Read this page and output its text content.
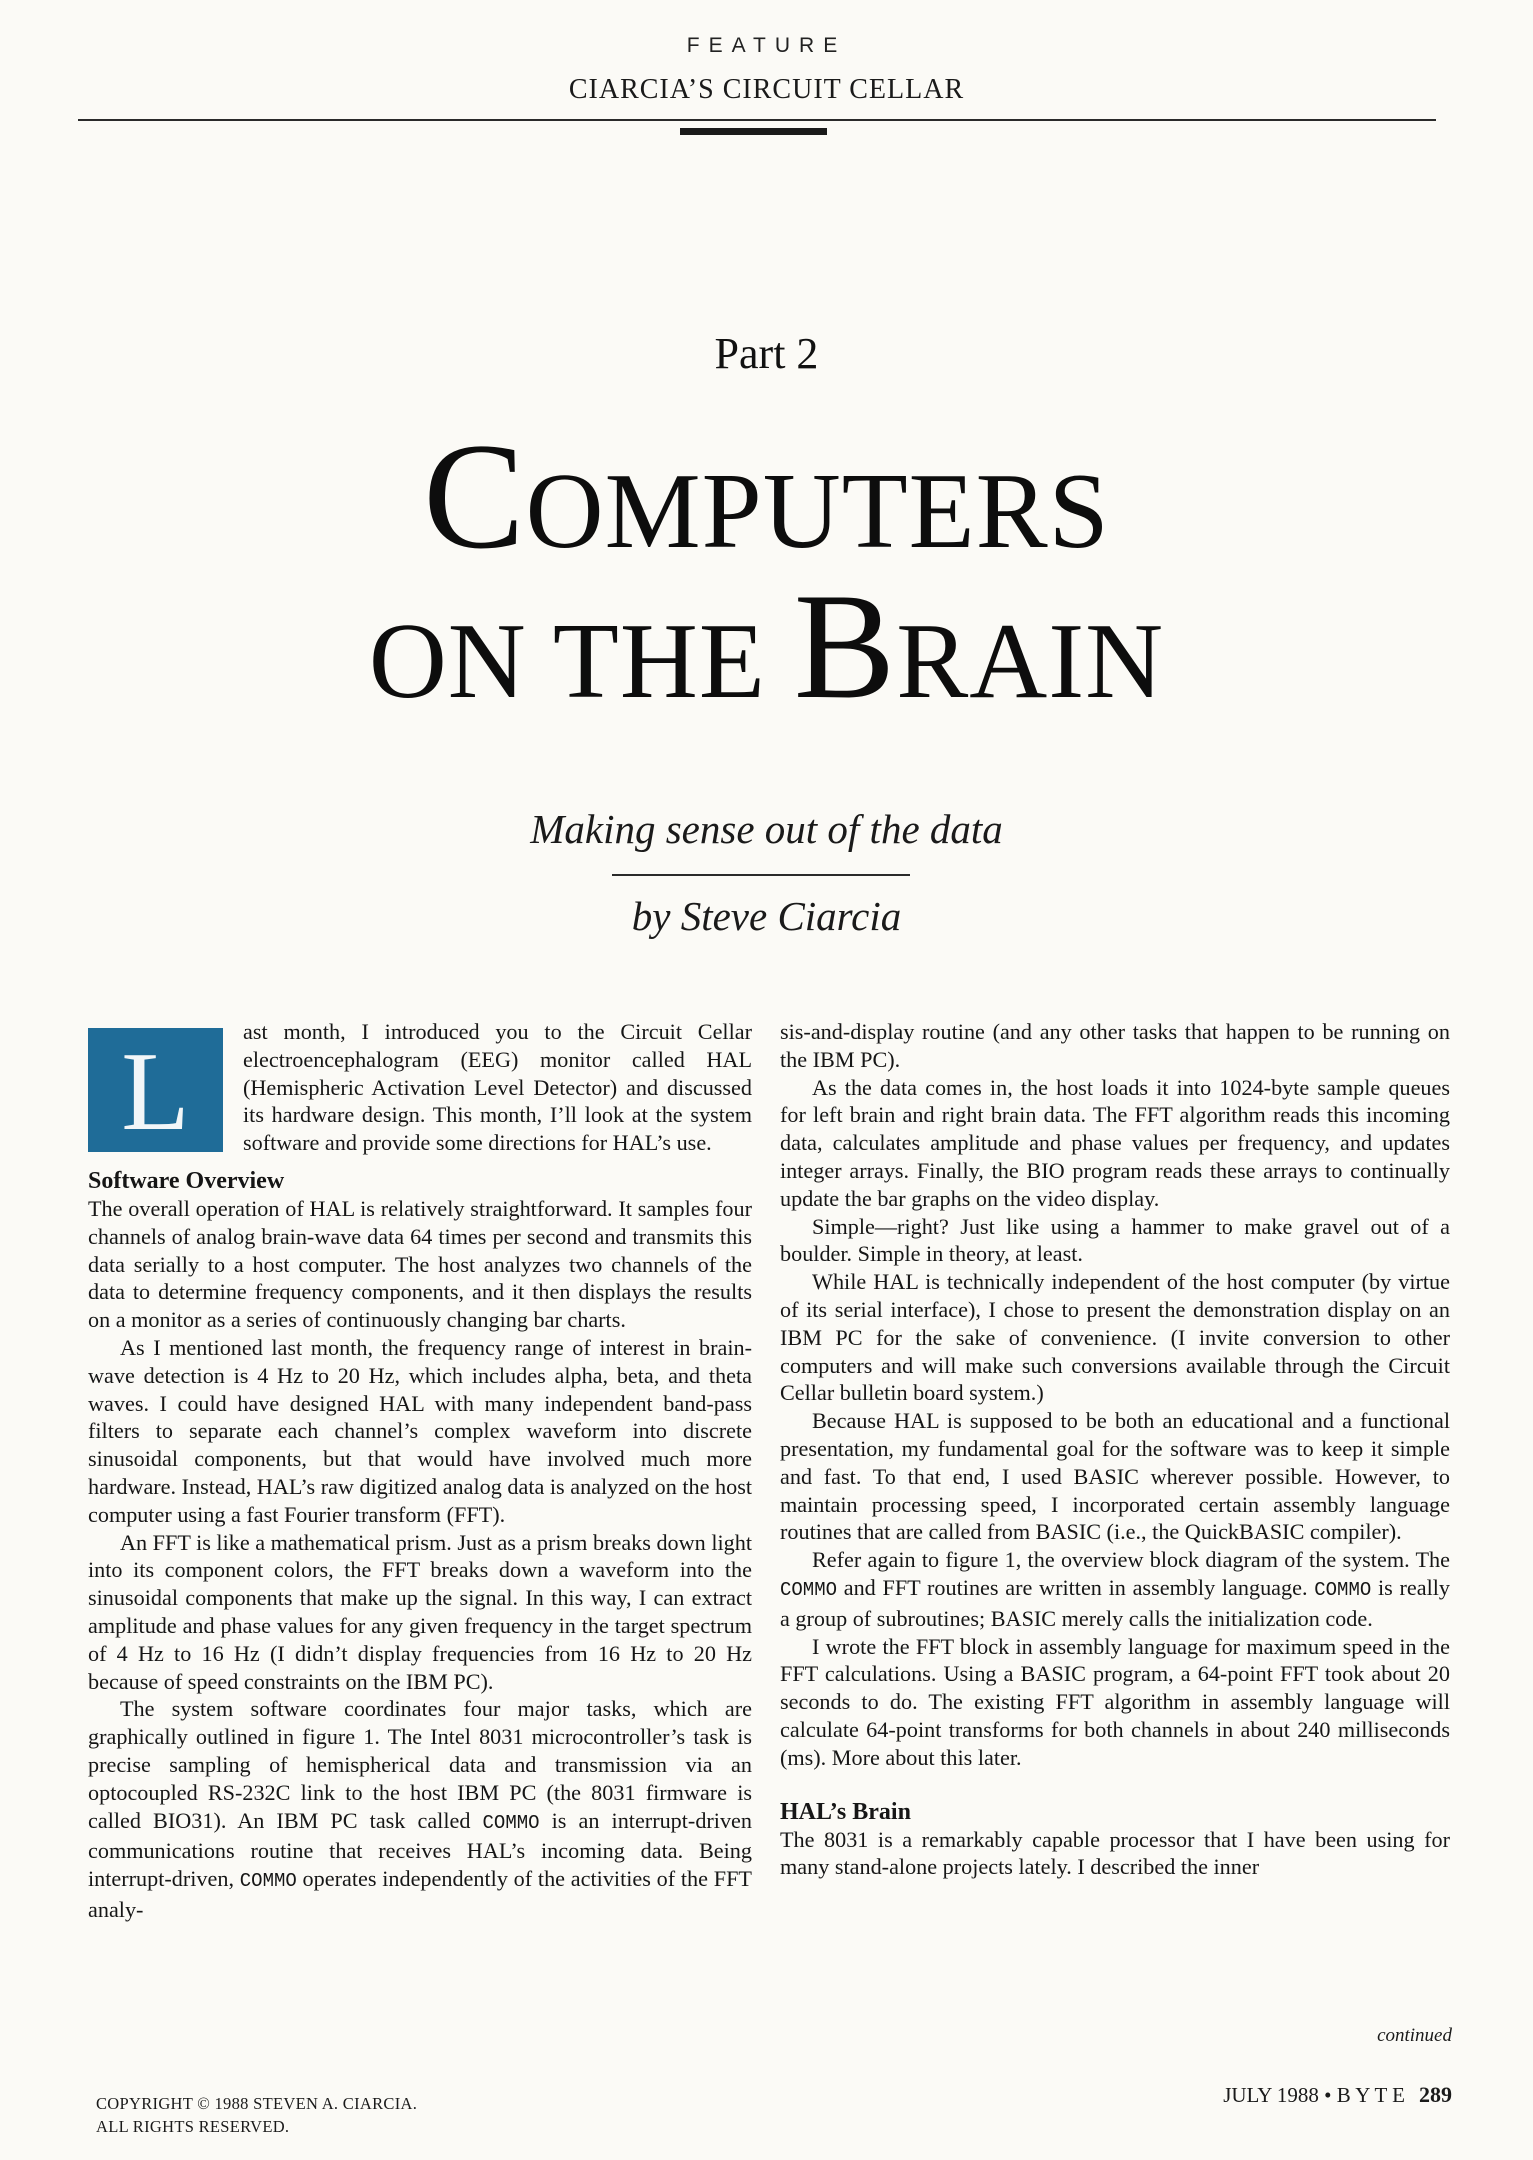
FEATURE
CIARCIA’S CIRCUIT CELLAR
Part 2
COMPUTERS
ON THE BRAIN
Making sense out of the data
by Steve Ciarcia
L	ast month, I introduced you to the Circuit Cellar electroencephalogram (EEG) monitor called HAL (Hemispheric Activation Level Detector) and discussed its hardware design. This month, I’ll look at the system software and provide some directions for HAL’s use.

Software Overview

The overall operation of HAL is relatively straightforward. It samples four channels of analog brain-wave data 64 times per second and transmits this data serially to a host computer. The host analyzes two channels of the data to determine frequency components, and it then displays the results on a monitor as a series of continuously changing bar charts.

As I mentioned last month, the frequency range of interest in brain-wave detection is 4 Hz to 20 Hz, which includes alpha, beta, and theta waves. I could have designed HAL with many independent band-pass filters to separate each channel’s complex waveform into discrete sinusoidal components, but that would have involved much more hardware. Instead, HAL’s raw digitized analog data is analyzed on the host computer using a fast Fourier transform (FFT).

An FFT is like a mathematical prism. Just as a prism breaks down light into its component colors, the FFT breaks down a waveform into the sinusoidal components that make up the signal. In this way, I can extract amplitude and phase values for any given frequency in the target spectrum of 4 Hz to 16 Hz (I didn’t display frequencies from 16 Hz to 20 Hz because of speed constraints on the IBM PC).

The system software coordinates four major tasks, which are graphically outlined in figure 1. The Intel 8031 microcontroller’s task is precise sampling of hemispherical data and transmission via an optocoupled RS-232C link to the host IBM PC (the 8031 firmware is called BIO31). An IBM PC task called COMMO is an interrupt-driven communications routine that receives HAL’s incoming data. Being interrupt-driven, COMMO operates independently of the activities of the FFT analy-

sis-and-display routine (and any other tasks that happen to be running on the IBM PC).

As the data comes in, the host loads it into 1024-byte sample queues for left brain and right brain data. The FFT algorithm reads this incoming data, calculates amplitude and phase values per frequency, and updates integer arrays. Finally, the BIO program reads these arrays to continually update the bar graphs on the video display.

Simple—right? Just like using a hammer to make gravel out of a boulder. Simple in theory, at least.

While HAL is technically independent of the host computer (by virtue of its serial interface), I chose to present the demonstration display on an IBM PC for the sake of convenience. (I invite conversion to other computers and will make such conversions available through the Circuit Cellar bulletin board system.)

Because HAL is supposed to be both an educational and a functional presentation, my fundamental goal for the software was to keep it simple and fast. To that end, I used BASIC wherever possible. However, to maintain processing speed, I incorporated certain assembly language routines that are called from BASIC (i.e., the QuickBASIC compiler).

Refer again to figure 1, the overview block diagram of the system. The COMMO and FFT routines are written in assembly language. COMMO is really a group of subroutines; BASIC merely calls the initialization code.

I wrote the FFT block in assembly language for maximum speed in the FFT calculations. Using a BASIC program, a 64-point FFT took about 20 seconds to do. The existing FFT algorithm in assembly language will calculate 64-point transforms for both channels in about 240 milliseconds (ms). More about this later.

HAL’s Brain

The 8031 is a remarkably capable processor that I have been using for many stand-alone projects lately. I described the inner

continued
COPYRIGHT © 1988 STEVEN A. CIARCIA.
ALL RIGHTS RESERVED.
JULY 1988 • B Y T E 289
